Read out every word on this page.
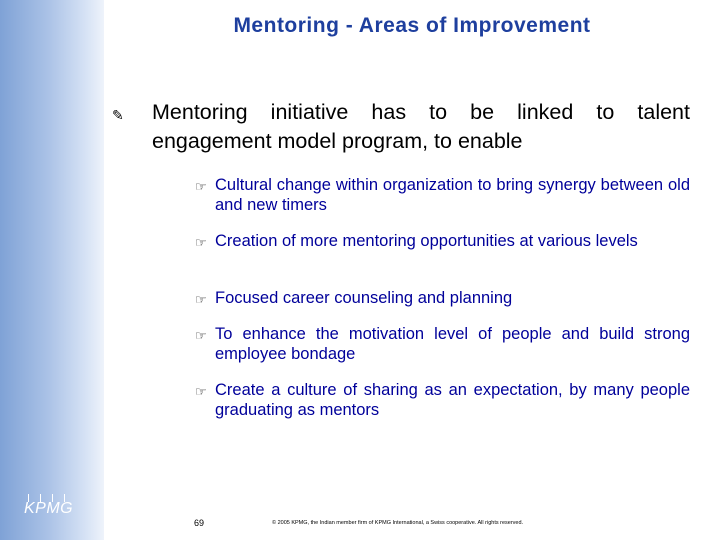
Mentoring - Areas of Improvement
✎ Mentoring initiative has to be linked to talent engagement model program, to enable
☞ Cultural change within organization to bring synergy between old and new timers
☞ Creation of more mentoring opportunities at various levels
☞ Focused career counseling and planning
☞ To enhance the motivation level of people and build strong employee bondage
☞ Create a culture of sharing as an expectation, by many people graduating as mentors
KPMG
69	© 2005 KPMG, the Indian member firm of KPMG International, a Swiss cooperative. All rights reserved.
